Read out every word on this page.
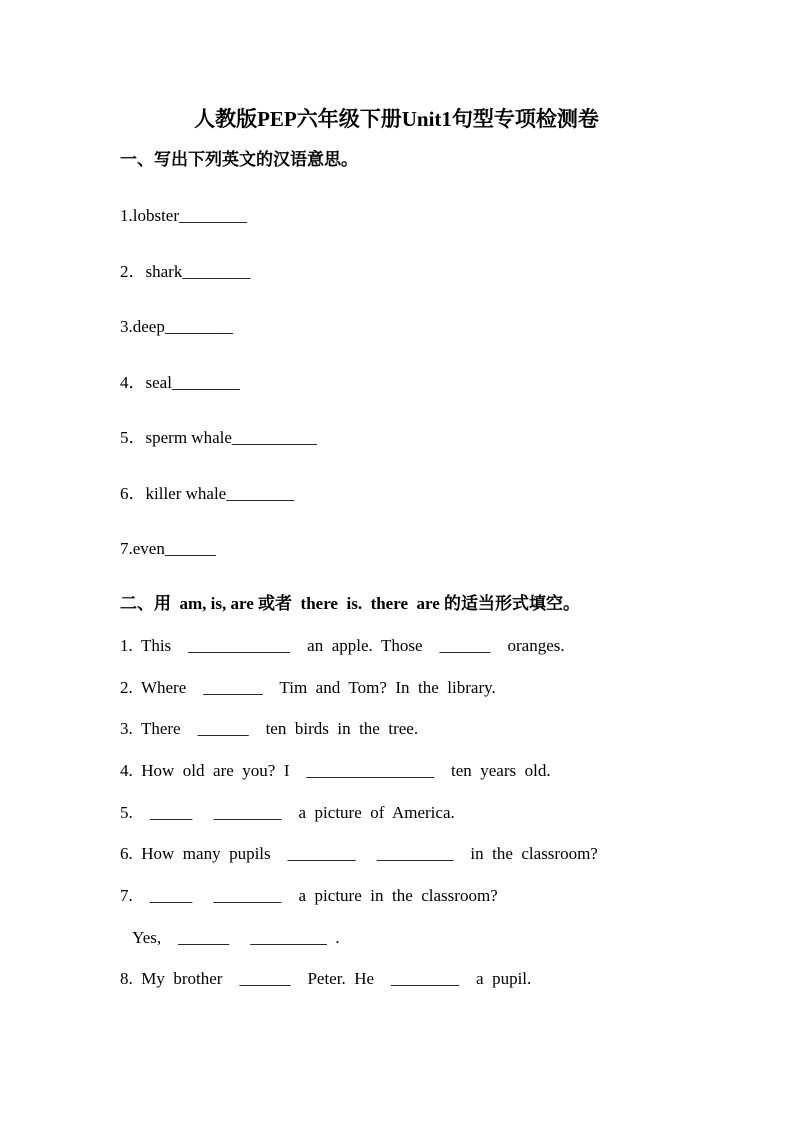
人教版PEP六年级下册Unit1句型专项检测卷
一、写出下列英文的汉语意思。
1.lobster________
2．shark________
3.deep________
4．seal________
5．sperm whale__________
6．killer whale________
7.even______
二、用  am, is, are 或者  there  is.  there  are 的适当形式填空。
1.  This    ____________    an  apple.  Those    ______    oranges.
2.  Where    _______    Tim  and  Tom?  In  the  library.
3.  There    ______    ten  birds  in  the  tree.
4.  How  old  are  you?  I    _______________    ten  years  old.
5.    _____     ________    a  picture  of  America.
6.  How  many  pupils    ________     _________    in  the  classroom?
7.    _____     ________    a  picture  in  the  classroom?
Yes,    ______     _________  .
8.  My  brother    ______    Peter.  He    ________    a  pupil.
